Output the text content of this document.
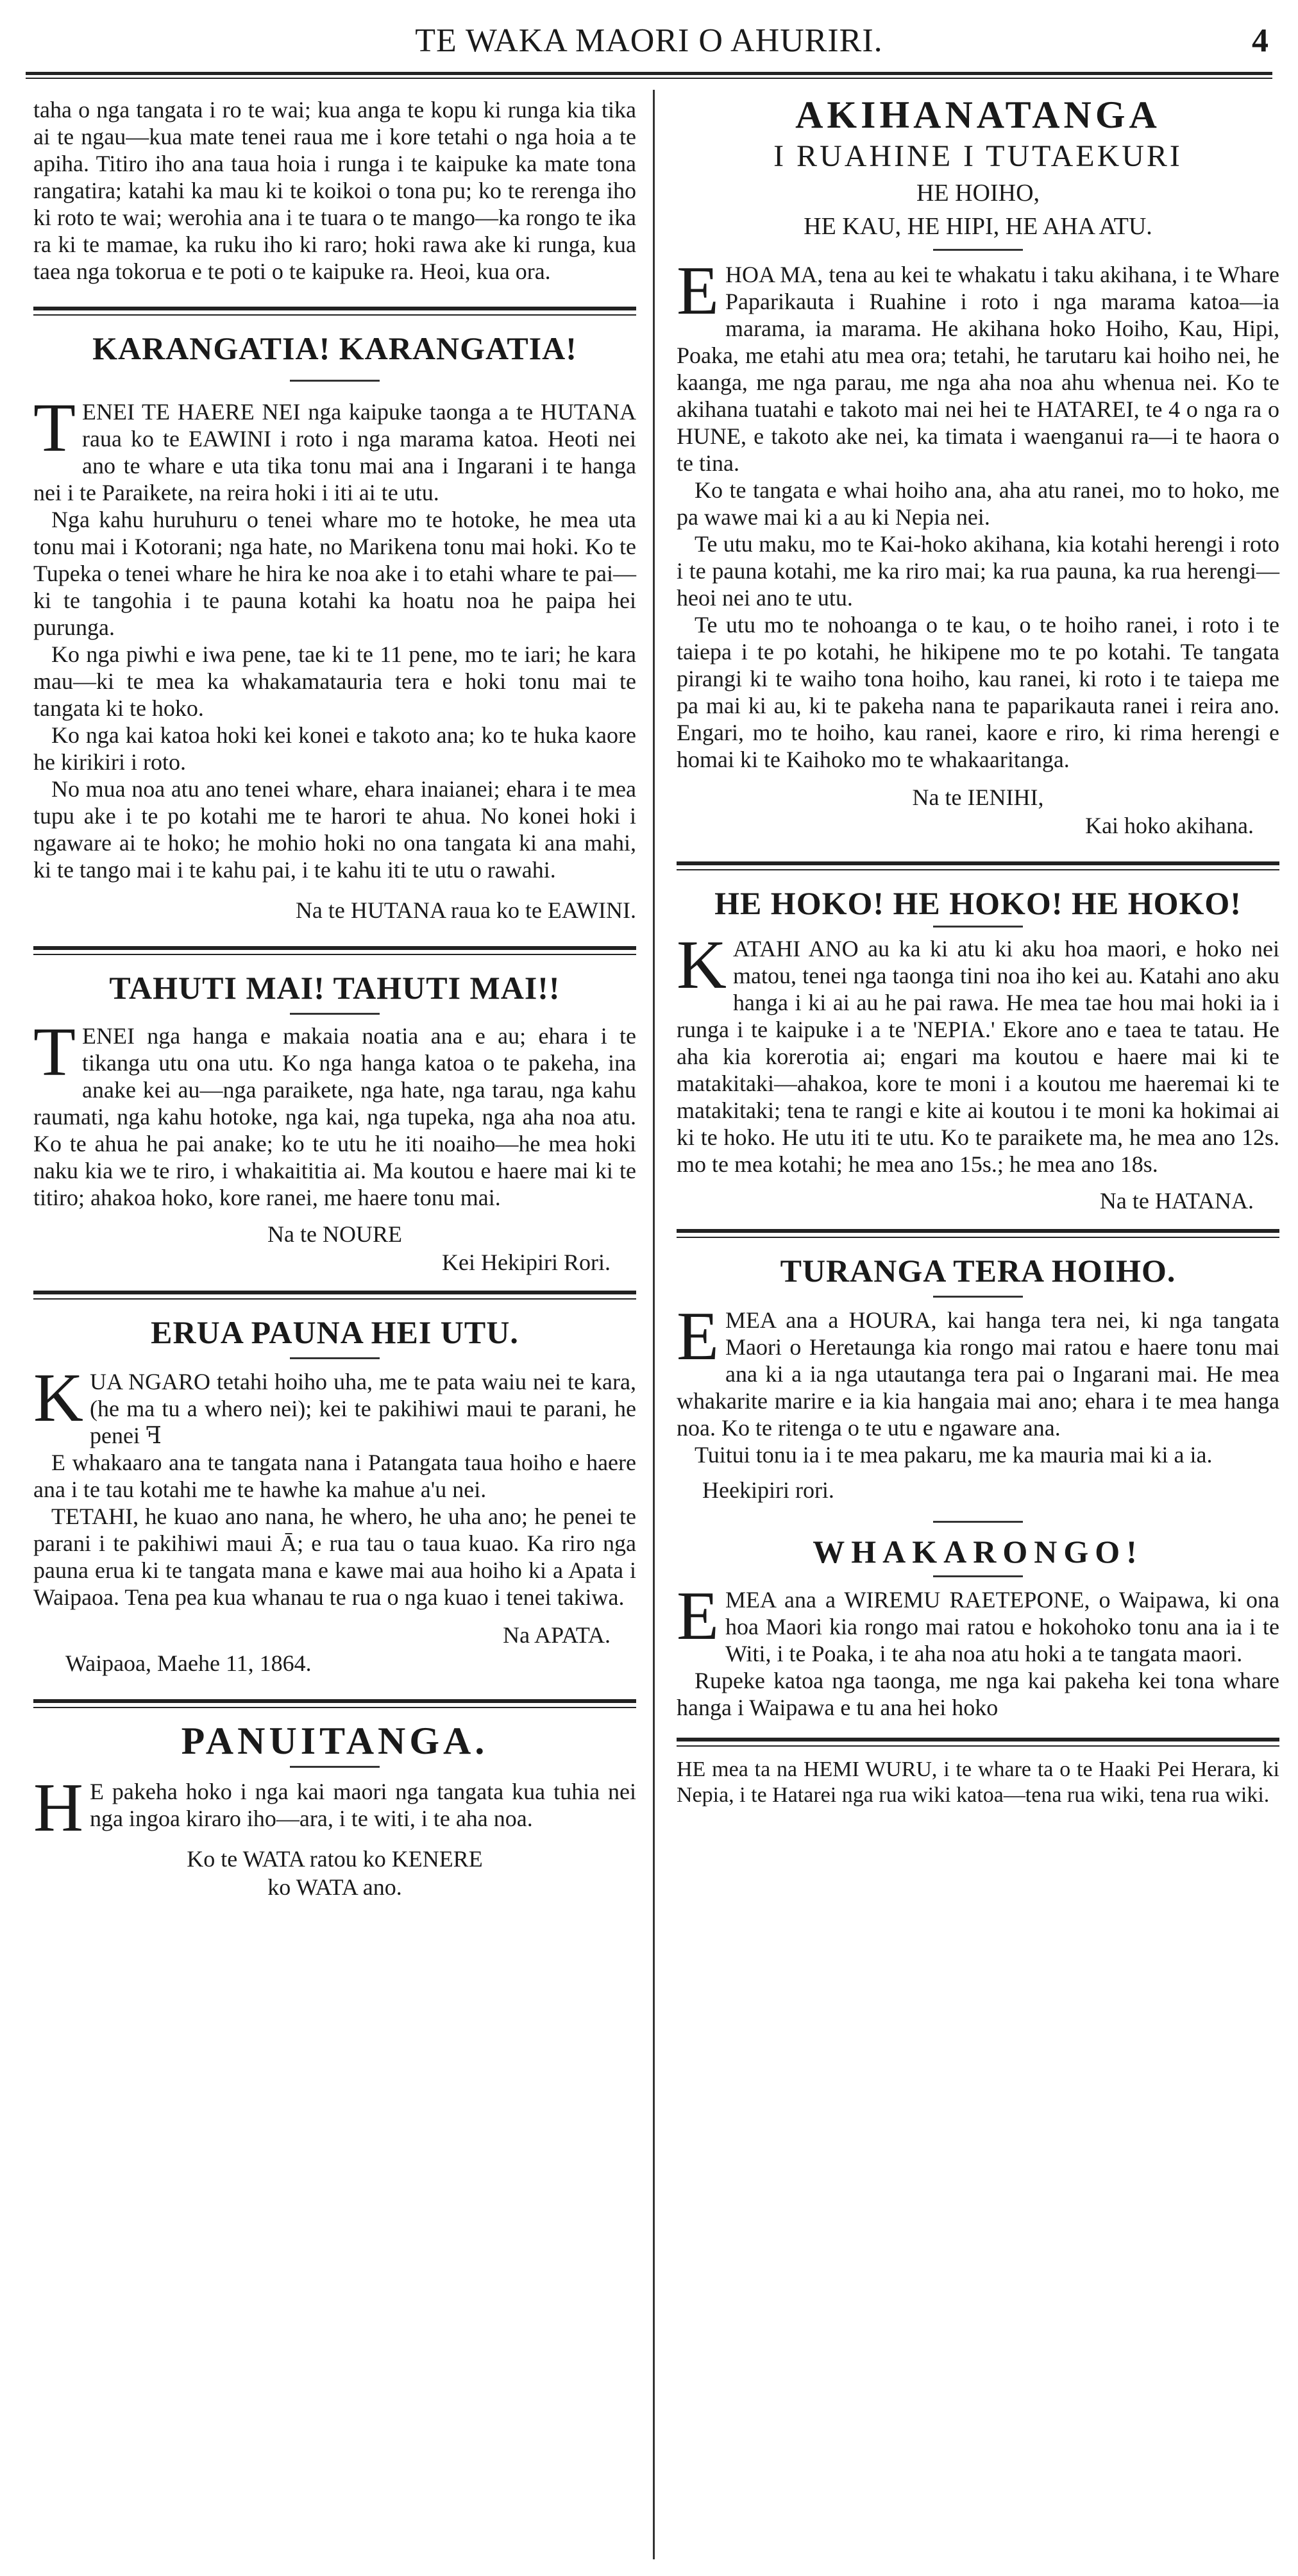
TE WAKA MAORI O AHURIRI.	4

taha o nga tangata i ro te wai; kua anga te kopu ki runga kia tika ai te ngau—kua mate tenei raua me i kore tetahi o nga hoia a te apiha. Titiro iho ana taua hoia i runga i te kaipuke ka mate tona rangatira; katahi ka mau ki te koikoi o tona pu; ko te rerenga iho ki roto te wai; werohia ana i te tuara o te mango—ka rongo te ika ra ki te mamae, ka ruku iho ki raro; hoki rawa ake ki runga, kua taea nga tokorua e te poti o te kaipuke ra. Heoi, kua ora.

KARANGATIA! KARANGATIA!

TENEI TE HAERE NEI nga kaipuke taonga a te HUTANA raua ko te EAWINI i roto i nga marama katoa. Heoti nei ano te whare e uta tika tonu mai ana i Ingarani i te hanga nei i te Paraikete, na reira hoki i iti ai te utu.

Nga kahu huruhuru o tenei whare mo te hotoke, he mea uta tonu mai i Kotorani; nga hate, no Marikena tonu mai hoki. Ko te Tupeka o tenei whare he hira ke noa ake i to etahi whare te pai—ki te tangohia i te pauna kotahi ka hoatu noa he paipa hei purunga.

Ko nga piwhi e iwa pene, tae ki te 11 pene, mo te iari; he kara mau—ki te mea ka whakamatauria tera e hoki tonu mai te tangata ki te hoko.

Ko nga kai katoa hoki kei konei e takoto ana; ko te huka kaore he kirikiri i roto.

No mua noa atu ano tenei whare, ehara inaianei; ehara i te mea tupu ake i te po kotahi me te harori te ahua. No konei hoki i ngaware ai te hoko; he mohio hoki no ona tangata ki ana mahi, ki te tango mai i te kahu pai, i te kahu iti te utu o rawahi.

Na te HUTANA raua ko te EAWINI.

TAHUTI MAI! TAHUTI MAI!!

TENEI nga hanga e makaia noatia ana e au; ehara i te tikanga utu ona utu. Ko nga hanga katoa o te pakeha, ina anake kei au—nga paraikete, nga hate, nga tarau, nga kahu raumati, nga kahu hotoke, nga kai, nga tupeka, nga aha noa atu. Ko te ahua he pai anake; ko te utu he iti noaiho—he mea hoki naku kia we te riro, i whakaititia ai. Ma koutou e haere mai ki te titiro; ahakoa hoko, kore ranei, me haere tonu mai.

Na te NOURE

Kei Hekipiri Rori.

ERUA PAUNA HEI UTU.

KUA NGARO tetahi hoiho uha, me te pata waiu nei te kara, (he ma tu a whero nei); kei te pakihiwi maui te parani, he penei ꟻ

E whakaaro ana te tangata nana i Patangata taua hoiho e haere ana i te tau kotahi me te hawhe ka mahue a'u nei.

TETAHI, he kuao ano nana, he whero, he uha ano; he penei te parani i te pakihiwi maui Ā; e rua tau o taua kuao. Ka riro nga pauna erua ki te tangata mana e kawe mai aua hoiho ki a Apata i Waipaoa. Tena pea kua whanau te rua o nga kuao i tenei takiwa.

Na APATA.

Waipaoa, Maehe 11, 1864.

PANUITANGA.

H E pakeha hoko i nga kai maori nga tangata kua tuhia nei nga ingoa kiraro iho—ara, i te witi, i te aha noa.

Ko te WATA ratou ko KENERE

ko WATA ano.

AKIHANATANGA

I RUAHINE I TUTAEKURI

HE HOIHO,

HE KAU, HE HIPI, HE AHA ATU.

EHOA MA, tena au kei te whakatu i taku akihana, i te Whare Paparikauta i Ruahine i roto i nga marama katoa—ia marama, ia marama. He akihana hoko Hoiho, Kau, Hipi, Poaka, me etahi atu mea ora; tetahi, he tarutaru kai hoiho nei, he kaanga, me nga parau, me nga aha noa ahu whenua nei. Ko te akihana tuatahi e takoto mai nei hei te HATAREI, te 4 o nga ra o HUNE, e takoto ake nei, ka timata i waenganui ra—i te haora o te tina.

Ko te tangata e whai hoiho ana, aha atu ranei, mo to hoko, me pa wawe mai ki a au ki Nepia nei.

Te utu maku, mo te Kai-hoko akihana, kia kotahi herengi i roto i te pauna kotahi, me ka riro mai; ka rua pauna, ka rua herengi—heoi nei ano te utu.

Te utu mo te nohoanga o te kau, o te hoiho ranei, i roto i te taiepa i te po kotahi, he hikipene mo te po kotahi. Te tangata pirangi ki te waiho tona hoiho, kau ranei, ki roto i te taiepa me pa mai ki au, ki te pakeha nana te paparikauta ranei i reira ano. Engari, mo te hoiho, kau ranei, kaore e riro, ki rima herengi e homai ki te Kaihoko mo te whakaaritanga.

Na te IENIHI,

Kai hoko akihana.

HE HOKO! HE HOKO! HE HOKO!

KATAHI ANO au ka ki atu ki aku hoa maori, e hoko nei matou, tenei nga taonga tini noa iho kei au. Katahi ano aku hanga i ki ai au he pai rawa. He mea tae hou mai hoki ia i runga i te kaipuke i a te 'NEPIA.' Ekore ano e taea te tatau. He aha kia korerotia ai; engari ma koutou e haere mai ki te matakitaki—ahakoa, kore te moni i a koutou me haeremai ki te matakitaki; tena te rangi e kite ai koutou i te moni ka hokimai ai ki te hoko. He utu iti te utu. Ko te paraikete ma, he mea ano 12s. mo te mea kotahi; he mea ano 15s.; he mea ano 18s.

Na te HATANA.

TURANGA TERA HOIHO.

EMEA ana a HOURA, kai hanga tera nei, ki nga tangata Maori o Heretaunga kia rongo mai ratou e haere tonu mai ana ki a ia nga utautanga tera pai o Ingarani mai. He mea whakarite marire e ia kia hangaia mai ano; ehara i te mea hanga noa. Ko te ritenga o te utu e ngaware ana.

Tuitui tonu ia i te mea pakaru, me ka mauria mai ki a ia.

Heekipiri rori.

WHAKARONGO!

EMEA ana a WIREMU RAETEPONE, o Waipawa, ki ona hoa Maori kia rongo mai ratou e hokohoko tonu ana ia i te Witi, i te Poaka, i te aha noa atu hoki a te tangata maori.

Rupeke katoa nga taonga, me nga kai pakeha kei tona whare hanga i Waipawa e tu ana hei hoko

HE mea ta na HEMI WURU, i te whare ta o te Haaki Pei Herara, ki Nepia, i te Hatarei nga rua wiki katoa—tena rua wiki, tena rua wiki.
